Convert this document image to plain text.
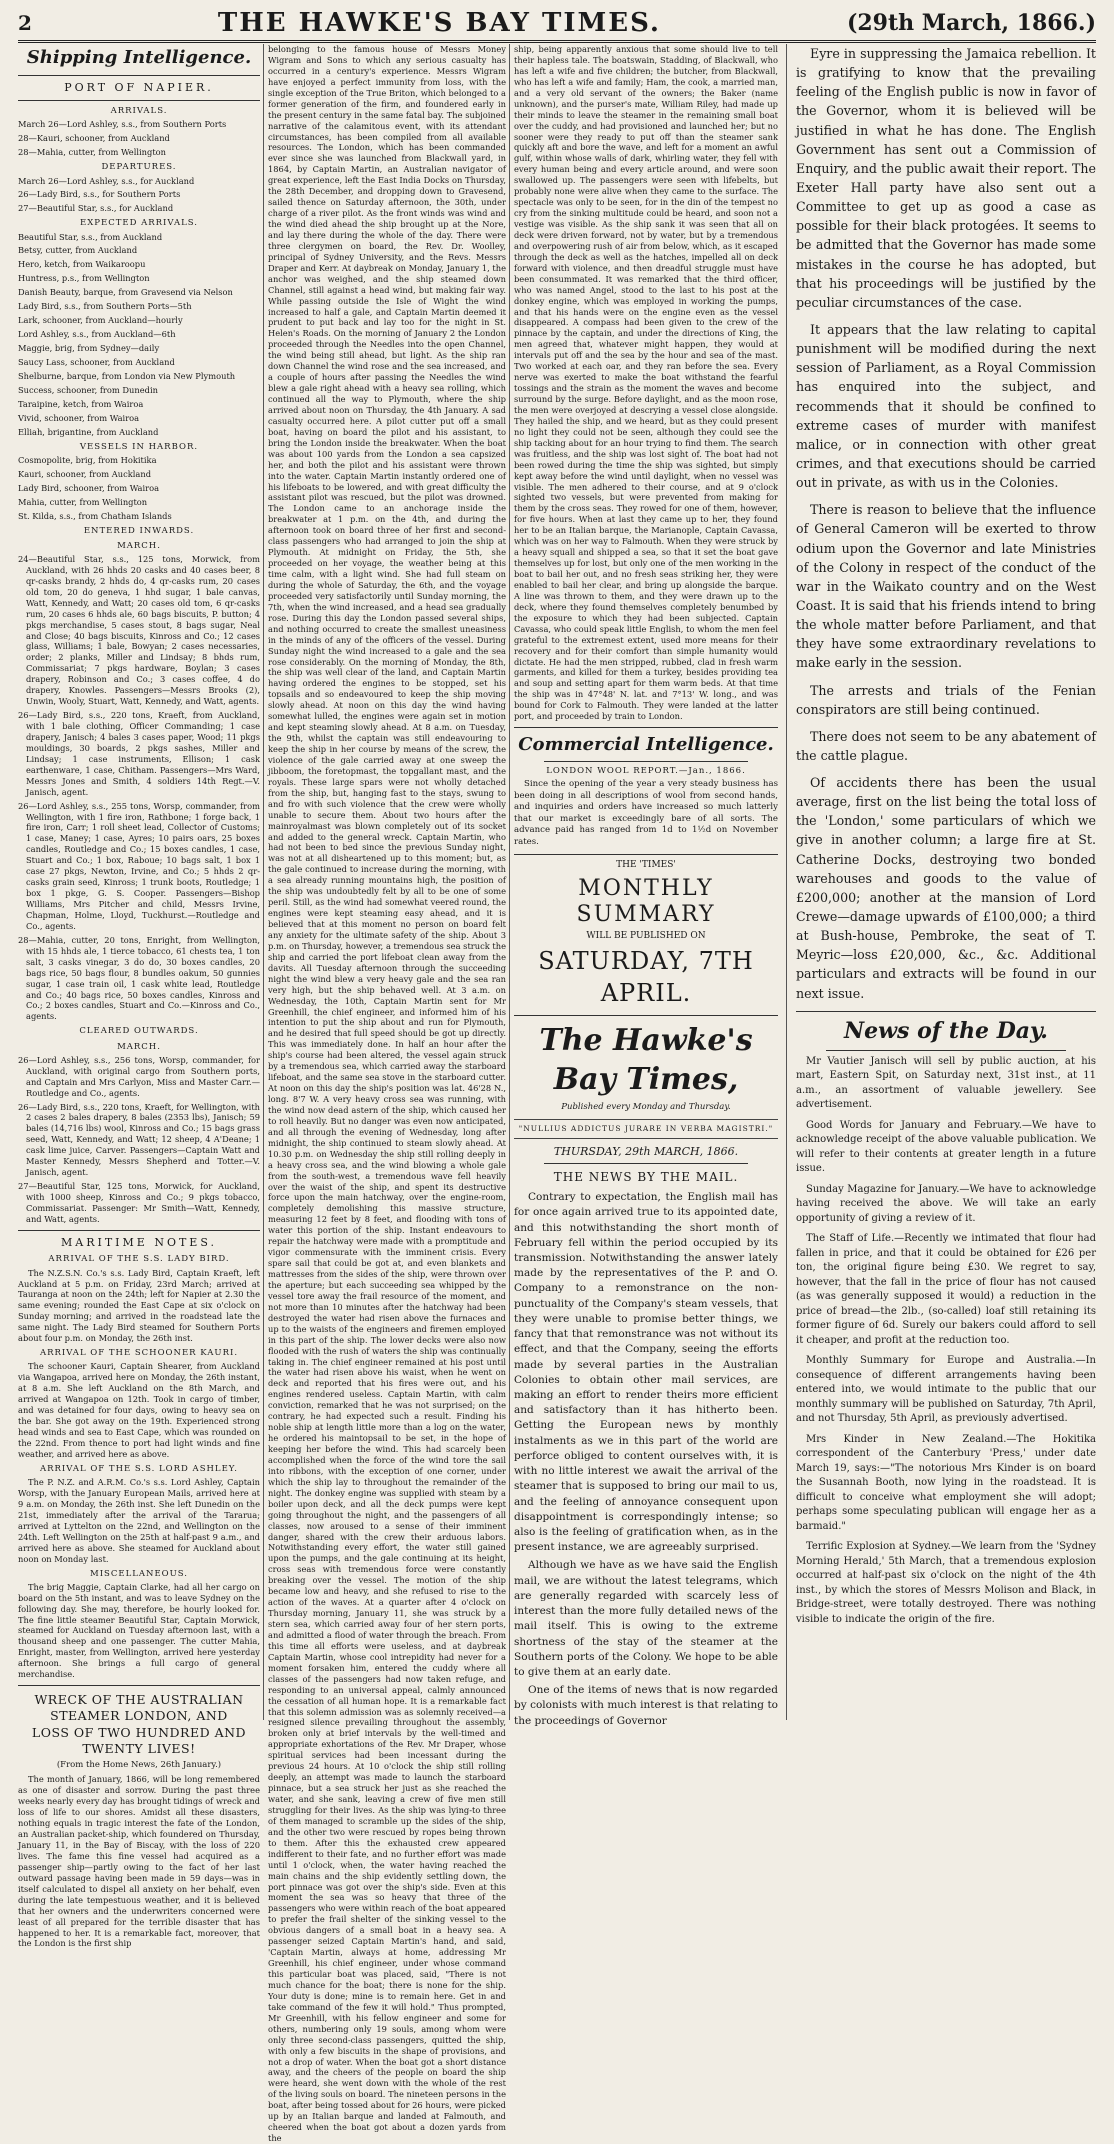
2	THE HAWKE'S BAY TIMES.	(29th March, 1866.)
Shipping Intelligence.
PORT OF NAPIER.
ARRIVALS.

March 26—Lord Ashley, s.s., from Southern Ports

28—Kauri, schooner, from Auckland

28—Mahia, cutter, from Wellington

DEPARTURES.

March 26—Lord Ashley, s.s., for Auckland

26—Lady Bird, s.s., for Southern Ports

27—Beautiful Star, s.s., for Auckland

EXPECTED ARRIVALS.

Beautiful Star, s.s., from Auckland

Betsy, cutter, from Auckland

Hero, ketch, from Waikaroopu

Huntress, p.s., from Wellington

Danish Beauty, barque, from Gravesend via Nelson

Lady Bird, s.s., from Southern Ports—5th

Lark, schooner, from Auckland—hourly

Lord Ashley, s.s., from Auckland—6th

Maggie, brig, from Sydney—daily

Saucy Lass, schooner, from Auckland

Shelburne, barque, from London via New Plymouth

Success, schooner, from Dunedin

Taraipine, ketch, from Wairoa

Vivid, schooner, from Wairoa

Elliah, brigantine, from Auckland

VESSELS IN HARBOR.

Cosmopolite, brig, from Hokitika

Kauri, schooner, from Auckland

Lady Bird, schooner, from Wairoa

Mahia, cutter, from Wellington

St. Kilda, s.s., from Chatham Islands

ENTERED INWARDS.
MARCH.

24—Beautiful Star, s.s., 125 tons, Morwick, from Auckland, with 26 hhds 20 casks and 40 cases beer, 8 qr-casks brandy, 2 hhds do, 4 qr-casks rum, 20 cases old tom, 20 do geneva, 1 hhd sugar, 1 bale canvas, Watt, Kennedy, and Watt; 20 cases old tom, 6 qr-casks rum, 20 cases 6 hhds ale, 60 bags biscuits, P. button; 4 pkgs merchandise, 5 cases stout, 8 bags sugar, Neal and Close; 40 bags biscuits, Kinross and Co.; 12 cases glass, Williams; 1 bale, Bowyan; 2 cases necessaries, order; 2 planks, Miller and Lindsay; 8 bhds rum, Commissariat; 7 pkgs hardware, Boylan; 3 cases drapery, Robinson and Co.; 3 cases coffee, 4 do drapery, Knowles. Passengers—Messrs Brooks (2), Unwin, Wooly, Stuart, Watt, Kennedy, and Watt, agents.

26—Lady Bird, s.s., 220 tons, Kraeft, from Auckland, with 1 bale clothing, Officer Commanding; 1 case drapery, Janisch; 4 bales 3 cases paper, Wood; 11 pkgs mouldings, 30 boards, 2 pkgs sashes, Miller and Lindsay; 1 case instruments, Ellison; 1 cask earthenware, 1 case, Chitham. Passengers—Mrs Ward, Messrs Jones and Smith, 4 soldiers 14th Regt.—V. Janisch, agent.

26—Lord Ashley, s.s., 255 tons, Worsp, commander, from Wellington, with 1 fire iron, Rathbone; 1 forge back, 1 fire iron, Carr; 1 roll sheet lead, Collector of Customs; 1 case, Maney; 1 case, Ayres; 10 pairs oars, 25 boxes candles, Routledge and Co.; 15 boxes candles, 1 case, Stuart and Co.; 1 box, Raboue; 10 bags salt, 1 box 1 case 27 pkgs, Newton, Irvine, and Co.; 5 hhds 2 qr-casks grain seed, Kinross; 1 trunk boots, Routledge; 1 box 1 pkge, G. S. Cooper. Passengers—Bishop Williams, Mrs Pitcher and child, Messrs Irvine, Chapman, Holme, Lloyd, Tuckhurst.—Routledge and Co., agents.

28—Mahia, cutter, 20 tons, Enright, from Wellington, with 15 hhds ale, 1 tierce tobacco, 61 chests tea, 1 ton salt, 3 casks vinegar, 3 do do, 30 boxes candles, 20 bags rice, 50 bags flour, 8 bundles oakum, 50 gunnies sugar, 1 case train oil, 1 cask white lead, Routledge and Co.; 40 bags rice, 50 boxes candles, Kinross and Co.; 2 boxes candles, Stuart and Co.—Kinross and Co., agents.

CLEARED OUTWARDS.
MARCH.

26—Lord Ashley, s.s., 256 tons, Worsp, commander, for Auckland, with original cargo from Southern ports, and Captain and Mrs Carlyon, Miss and Master Carr.—Routledge and Co., agents.

26—Lady Bird, s.s., 220 tons, Kraeft, for Wellington, with 2 cases 2 bales drapery, 8 bales (2353 lbs), Janisch; 59 bales (14,716 lbs) wool, Kinross and Co.; 15 bags grass seed, Watt, Kennedy, and Watt; 12 sheep, 4 A'Deane; 1 cask lime juice, Carver. Passengers—Captain Watt and Master Kennedy, Messrs Shepherd and Totter.—V. Janisch, agent.

27—Beautiful Star, 125 tons, Morwick, for Auckland, with 1000 sheep, Kinross and Co.; 9 pkgs tobacco, Commissariat. Passenger: Mr Smith—Watt, Kennedy, and Watt, agents.

MARITIME NOTES.
ARRIVAL OF THE S.S. LADY BIRD.

The N.Z.S.N. Co.'s s.s. Lady Bird, Captain Kraeft, left Auckland at 5 p.m. on Friday, 23rd March; arrived at Tauranga at noon on the 24th; left for Napier at 2.30 the same evening; rounded the East Cape at six o'clock on Sunday morning; and arrived in the roadstead late the same night. The Lady Bird steamed for Southern Ports about four p.m. on Monday, the 26th inst.

ARRIVAL OF THE SCHOONER KAURI.

The schooner Kauri, Captain Shearer, from Auckland via Wangapoa, arrived here on Monday, the 26th instant, at 8 a.m. She left Auckland on the 8th March, and arrived at Wangapoa on 12th. Took in cargo of timber, and was detained for four days, owing to heavy sea on the bar. She got away on the 19th. Experienced strong head winds and sea to East Cape, which was rounded on the 22nd. From thence to port had light winds and fine weather, and arrived here as above.

ARRIVAL OF THE S.S. LORD ASHLEY.

The P. N.Z. and A.R.M. Co.'s s.s. Lord Ashley, Captain Worsp, with the January European Mails, arrived here at 9 a.m. on Monday, the 26th inst. She left Dunedin on the 21st, immediately after the arrival of the Tararua; arrived at Lyttelton on the 22nd, and Wellington on the 24th. Left Wellington on the 25th at half-past 9 a.m., and arrived here as above. She steamed for Auckland about noon on Monday last.

MISCELLANEOUS.

The brig Maggie, Captain Clarke, had all her cargo on board on the 5th instant, and was to leave Sydney on the following day. She may, therefore, be hourly looked for. The fine little steamer Beautiful Star, Captain Morwick, steamed for Auckland on Tuesday afternoon last, with a thousand sheep and one passenger. The cutter Mahia, Enright, master, from Wellington, arrived here yesterday afternoon. She brings a full cargo of general merchandise.

WRECK OF THE AUSTRALIAN STEAMER LONDON, AND
LOSS OF TWO HUNDRED AND TWENTY LIVES!
(From the Home News, 26th January.)

The month of January, 1866, will be long remembered as one of disaster and sorrow. During the past three weeks nearly every day has brought tidings of wreck and loss of life to our shores. Amidst all these disasters, nothing equals in tragic interest the fate of the London, an Australian packet-ship, which foundered on Thursday, January 11, in the Bay of Biscay, with the loss of 220 lives. The fame this fine vessel had acquired as a passenger ship—partly owing to the fact of her last outward passage having been made in 59 days—was in itself calculated to dispel all anxiety on her behalf, even during the late tempestuous weather, and it is believed that her owners and the underwriters concerned were least of all prepared for the terrible disaster that has happened to her. It is a remarkable fact, moreover, that the London is the first ship

belonging to the famous house of Messrs Money Wigram and Sons to which any serious casualty has occurred in a century's experience. Messrs Wigram have enjoyed a perfect immunity from loss, with the single exception of the True Briton, which belonged to a former generation of the firm, and foundered early in the present century in the same fatal bay. The subjoined narrative of the calamitous event, with its attendant circumstances, has been compiled from all available resources. The London, which has been commanded ever since she was launched from Blackwall yard, in 1864, by Captain Martin, an Australian navigator of great experience, left the East India Docks on Thursday, the 28th December, and dropping down to Gravesend, sailed thence on Saturday afternoon, the 30th, under charge of a river pilot. As the front winds was wind and the wind died ahead the ship brought up at the Nore, and lay there during the whole of the day. There were three clergymen on board, the Rev. Dr. Woolley, principal of Sydney University, and the Revs. Messrs Draper and Kerr. At daybreak on Monday, January 1, the anchor was weighed, and the ship steamed down Channel, still against a head wind, but making fair way. While passing outside the Isle of Wight the wind increased to half a gale, and Captain Martin deemed it prudent to put back and lay too for the night in St. Helen's Roads. On the morning of January 2 the London proceeded through the Needles into the open Channel, the wind being still ahead, but light. As the ship ran down Channel the wind rose and the sea increased, and a couple of hours after passing the Needles the wind blew a gale right ahead with a heavy sea rolling, which continued all the way to Plymouth, where the ship arrived about noon on Thursday, the 4th January. A sad casualty occurred here. A pilot cutter put off a small boat, having on board the pilot and his assistant, to bring the London inside the breakwater. When the boat was about 100 yards from the London a sea capsized her, and both the pilot and his assistant were thrown into the water. Captain Martin instantly ordered one of his lifeboats to be lowered, and with great difficulty the assistant pilot was rescued, but the pilot was drowned. The London came to an anchorage inside the breakwater at 1 p.m. on the 4th, and during the afternoon took on board three of her first and second-class passengers who had arranged to join the ship at Plymouth. At midnight on Friday, the 5th, she proceeded on her voyage, the weather being at this time calm, with a light wind. She had full steam on during the whole of Saturday, the 6th, and the voyage proceeded very satisfactorily until Sunday morning, the 7th, when the wind increased, and a head sea gradually rose. During this day the London passed several ships, and nothing occurred to create the smallest uneasiness in the minds of any of the officers of the vessel. During Sunday night the wind increased to a gale and the sea rose considerably. On the morning of Monday, the 8th, the ship was well clear of the land, and Captain Martin having ordered the engines to be stopped, set his topsails and so endeavoured to keep the ship moving slowly ahead. At noon on this day the wind having somewhat lulled, the engines were again set in motion and kept steaming slowly ahead. At 8 a.m. on Tuesday, the 9th, whilst the captain was still endeavouring to keep the ship in her course by means of the screw, the violence of the gale carried away at one sweep the jibboom, the foretopmast, the topgallant mast, and the royals. These large spars were not wholly detached from the ship, but, hanging fast to the stays, swung to and fro with such violence that the crew were wholly unable to secure them. About two hours after the mainroyalmast was blown completely out of its socket and added to the general wreck. Captain Martin, who had not been to bed since the previous Sunday night, was not at all disheartened up to this moment; but, as the gale continued to increase during the morning, with a sea already running mountains high, the position of the ship was undoubtedly felt by all to be one of some peril. Still, as the wind had somewhat veered round, the engines were kept steaming easy ahead, and it is believed that at this moment no person on board felt any anxiety for the ultimate safety of the ship. About 3 p.m. on Thursday, however, a tremendous sea struck the ship and carried the port lifeboat clean away from the davits. All Tuesday afternoon through the succeeding night the wind blew a very heavy gale and the sea ran very high, but the ship behaved well. At 3 a.m. on Wednesday, the 10th, Captain Martin sent for Mr Greenhill, the chief engineer, and informed him of his intention to put the ship about and run for Plymouth, and he desired that full speed should be got up directly. This was immediately done. In half an hour after the ship's course had been altered, the vessel again struck by a tremendous sea, which carried away the starboard lifeboat, and the same sea stove in the starboard cutter. At noon on this day the ship's position was lat. 46'28 N., long. 8'7 W. A very heavy cross sea was running, with the wind now dead astern of the ship, which caused her to roll heavily. But no danger was even now anticipated, and all through the evening of Wednesday, long after midnight, the ship continued to steam slowly ahead. At 10.30 p.m. on Wednesday the ship still rolling deeply in a heavy cross sea, and the wind blowing a whole gale from the south-west, a tremendous wave fell heavily over the waist of the ship, and spent its destructive force upon the main hatchway, over the engine-room, completely demolishing this massive structure, measuring 12 feet by 8 feet, and flooding with tons of water this portion of the ship. Instant endeavours to repair the hatchway were made with a promptitude and vigor commensurate with the imminent crisis. Every spare sail that could be got at, and even blankets and mattresses from the sides of the ship, were thrown over the aperture; but each succeeding sea whipped by the vessel tore away the frail resource of the moment, and not more than 10 minutes after the hatchway had been destroyed the water had risen above the furnaces and up to the waists of the engineers and firemen employed in this part of the ship. The lower decks were also now flooded with the rush of waters the ship was continually taking in. The chief engineer remained at his post until the water had risen above his waist, when he went on deck and reported that his fires were out, and his engines rendered useless. Captain Martin, with calm conviction, remarked that he was not surprised; on the contrary, he had expected such a result. Finding his noble ship at length little more than a log on the water, he ordered his maintopsail to be set, in the hope of keeping her before the wind. This had scarcely been accomplished when the force of the wind tore the sail into ribbons, with the exception of one corner, under which the ship lay to throughout the remainder of the night. The donkey engine was supplied with steam by a boiler upon deck, and all the deck pumps were kept going throughout the night, and the passengers of all classes, now aroused to a sense of their imminent danger, shared with the crew their arduous labors. Notwithstanding every effort, the water still gained upon the pumps, and the gale continuing at its height, cross seas with tremendous force were constantly breaking over the vessel. The motion of the ship became low and heavy, and she refused to rise to the action of the waves. At a quarter after 4 o'clock on Thursday morning, January 11, she was struck by a stern sea, which carried away four of her stern ports, and admitted a flood of water through the breach. From this time all efforts were useless, and at daybreak Captain Martin, whose cool intrepidity had never for a moment forsaken him, entered the cuddy where all classes of the passengers had now taken refuge, and responding to an universal appeal, calmly announced the cessation of all human hope. It is a remarkable fact that this solemn admission was as solemnly received—a resigned silence prevailing throughout the assembly, broken only at brief intervals by the well-timed and appropriate exhortations of the Rev. Mr Draper, whose spiritual services had been incessant during the previous 24 hours. At 10 o'clock the ship still rolling deeply, an attempt was made to launch the starboard pinnace, but a sea struck her just as she reached the water, and she sank, leaving a crew of five men still struggling for their lives. As the ship was lying-to three of them managed to scramble up the sides of the ship, and the other two were rescued by ropes being thrown to them. After this the exhausted crew appeared indifferent to their fate, and no further effort was made until 1 o'clock, when, the water having reached the main chains and the ship evidently settling down, the port pinnace was got over the ship's side. Even at this moment the sea was so heavy that three of the passengers who were within reach of the boat appeared to prefer the frail shelter of the sinking vessel to the obvious dangers of a small boat in a heavy sea. A passenger seized Captain Martin's hand, and said, 'Captain Martin, always at home, addressing Mr Greenhill, his chief engineer, under whose command this particular boat was placed, said, "There is not much chance for the boat; there is none for the ship. Your duty is done; mine is to remain here. Get in and take command of the few it will hold." Thus prompted, Mr Greenhill, with his fellow engineer and some for others, numbering only 19 souls, among whom were only three second-class passengers, quitted the ship, with only a few biscuits in the shape of provisions, and not a drop of water. When the boat got a short distance away, and the cheers of the people on board the ship were heard, she went down with the whole of the rest of the living souls on board. The nineteen persons in the boat, after being tossed about for 26 hours, were picked up by an Italian barque and landed at Falmouth, and cheered when the boat got about a dozen yards from the

ship, being apparently anxious that some should live to tell their hapless tale. The boatswain, Stadding, of Blackwall, who has left a wife and five children; the butcher, from Blackwall, who has left a wife and family; Ham, the cook, a married man, and a very old servant of the owners; the Baker (name unknown), and the purser's mate, William Riley, had made up their minds to leave the steamer in the remaining small boat over the cuddy, and had provisioned and launched her; but no sooner were they ready to put off than the steamer sank quickly aft and bore the wave, and left for a moment an awful gulf, within whose walls of dark, whirling water, they fell with every human being and every article around, and were soon swallowed up. The passengers were seen with lifebelts, but probably none were alive when they came to the surface. The spectacle was only to be seen, for in the din of the tempest no cry from the sinking multitude could be heard, and soon not a vestige was visible. As the ship sank it was seen that all on deck were driven forward, not by water, but by a tremendous and overpowering rush of air from below, which, as it escaped through the deck as well as the hatches, impelled all on deck forward with violence, and then dreadful struggle must have been consummated. It was remarked that the third officer, who was named Angel, stood to the last to his post at the donkey engine, which was employed in working the pumps, and that his hands were on the engine even as the vessel disappeared. A compass had been given to the crew of the pinnace by the captain, and under the directions of King, the men agreed that, whatever might happen, they would at intervals put off and the sea by the hour and sea of the mast. Two worked at each oar, and they ran before the sea. Every nerve was exerted to make the boat withstand the fearful tossings and the strain as the moment the waves and become surround by the surge. Before daylight, and as the moon rose, the men were overjoyed at descrying a vessel close alongside. They hailed the ship, and we heard, but as they could present no light they could not be seen, although they could see the ship tacking about for an hour trying to find them. The search was fruitless, and the ship was lost sight of. The boat had not been rowed during the time the ship was sighted, but simply kept away before the wind until daylight, when no vessel was visible. The men adhered to their course, and at 9 o'clock sighted two vessels, but were prevented from making for them by the cross seas. They rowed for one of them, however, for five hours. When at last they came up to her, they found her to be an Italian barque, the Marianople, Captain Cavassa, which was on her way to Falmouth. When they were struck by a heavy squall and shipped a sea, so that it set the boat gave themselves up for lost, but only one of the men working in the boat to bail her out, and no fresh seas striking her, they were enabled to bail her clear, and bring up alongside the barque. A line was thrown to them, and they were drawn up to the deck, where they found themselves completely benumbed by the exposure to which they had been subjected. Captain Cavassa, who could speak little English, to whom the men feel grateful to the extremest extent, used more means for their recovery and for their comfort than simple humanity would dictate. He had the men stripped, rubbed, clad in fresh warm garments, and killed for them a turkey, besides providing tea and soup and setting apart for them warm beds. At that time the ship was in 47°48' N. lat. and 7°13' W. long., and was bound for Cork to Falmouth. They were landed at the latter port, and proceeded by train to London.

Commercial Intelligence.
LONDON WOOL REPORT.—Jan., 1866.

Since the opening of the year a very steady business has been doing in all descriptions of wool from second hands, and inquiries and orders have increased so much latterly that our market is exceedingly bare of all sorts. The advance paid has ranged from 1d to 1½d on November rates.

THE 'TIMES'
MONTHLY SUMMARY
WILL BE PUBLISHED ON
SATURDAY, 7TH APRIL.
The Hawke's Bay Times,
Published every Monday and Thursday.
"NULLIUS ADDICTUS JURARE IN VERBA MAGISTRI."
THURSDAY, 29th MARCH, 1866.
THE NEWS BY THE MAIL.

Contrary to expectation, the English mail has for once again arrived true to its appointed date, and this notwithstanding the short month of February fell within the period occupied by its transmission. Notwithstanding the answer lately made by the representatives of the P. and O. Company to a remonstrance on the non-punctuality of the Company's steam vessels, that they were unable to promise better things, we fancy that that remonstrance was not without its effect, and that the Company, seeing the efforts made by several parties in the Australian Colonies to obtain other mail services, are making an effort to render theirs more efficient and satisfactory than it has hitherto been. Getting the European news by monthly instalments as we in this part of the world are perforce obliged to content ourselves with, it is with no little interest we await the arrival of the steamer that is supposed to bring our mail to us, and the feeling of annoyance consequent upon disappointment is correspondingly intense; so also is the feeling of gratification when, as in the present instance, we are agreeably surprised.

Although we have as we have said the English mail, we are without the latest telegrams, which are generally regarded with scarcely less of interest than the more fully detailed news of the mail itself. This is owing to the extreme shortness of the stay of the steamer at the Southern ports of the Colony. We hope to be able to give them at an early date.

One of the items of news that is now regarded by colonists with much interest is that relating to the proceedings of Governor

Eyre in suppressing the Jamaica rebellion. It is gratifying to know that the prevailing feeling of the English public is now in favor of the Governor, whom it is believed will be justified in what he has done. The English Government has sent out a Commission of Enquiry, and the public await their report. The Exeter Hall party have also sent out a Committee to get up as good a case as possible for their black protogées. It seems to be admitted that the Governor has made some mistakes in the course he has adopted, but that his proceedings will be justified by the peculiar circumstances of the case.

It appears that the law relating to capital punishment will be modified during the next session of Parliament, as a Royal Commission has enquired into the subject, and recommends that it should be confined to extreme cases of murder with manifest malice, or in connection with other great crimes, and that executions should be carried out in private, as with us in the Colonies.

There is reason to believe that the influence of General Cameron will be exerted to throw odium upon the Governor and late Ministries of the Colony in respect of the conduct of the war in the Waikato country and on the West Coast. It is said that his friends intend to bring the whole matter before Parliament, and that they have some extraordinary revelations to make early in the session.

The arrests and trials of the Fenian conspirators are still being continued.

There does not seem to be any abatement of the cattle plague.

Of accidents there has been the usual average, first on the list being the total loss of the 'London,' some particulars of which we give in another column; a large fire at St. Catherine Docks, destroying two bonded warehouses and goods to the value of £200,000; another at the mansion of Lord Crewe—damage upwards of £100,000; a third at Bush-house, Pembroke, the seat of T. Meyric—loss £20,000, &c., &c. Additional particulars and extracts will be found in our next issue.

News of the Day.

Mr Vautier Janisch will sell by public auction, at his mart, Eastern Spit, on Saturday next, 31st inst., at 11 a.m., an assortment of valuable jewellery. See advertisement.

Good Words for January and February.—We have to acknowledge receipt of the above valuable publication. We will refer to their contents at greater length in a future issue.

Sunday Magazine for January.—We have to acknowledge having received the above. We will take an early opportunity of giving a review of it.

The Staff of Life.—Recently we intimated that flour had fallen in price, and that it could be obtained for £26 per ton, the original figure being £30. We regret to say, however, that the fall in the price of flour has not caused (as was generally supposed it would) a reduction in the price of bread—the 2lb., (so-called) loaf still retaining its former figure of 6d. Surely our bakers could afford to sell it cheaper, and profit at the reduction too.

Monthly Summary for Europe and Australia.—In consequence of different arrangements having been entered into, we would intimate to the public that our monthly summary will be published on Saturday, 7th April, and not Thursday, 5th April, as previously advertised.

Mrs Kinder in New Zealand.—The Hokitika correspondent of the Canterbury 'Press,' under date March 19, says:—"The notorious Mrs Kinder is on board the Susannah Booth, now lying in the roadstead. It is difficult to conceive what employment she will adopt; perhaps some speculating publican will engage her as a barmaid."

Terrific Explosion at Sydney.—We learn from the 'Sydney Morning Herald,' 5th March, that a tremendous explosion occurred at half-past six o'clock on the night of the 4th inst., by which the stores of Messrs Molison and Black, in Bridge-street, were totally destroyed. There was nothing visible to indicate the origin of the fire.
